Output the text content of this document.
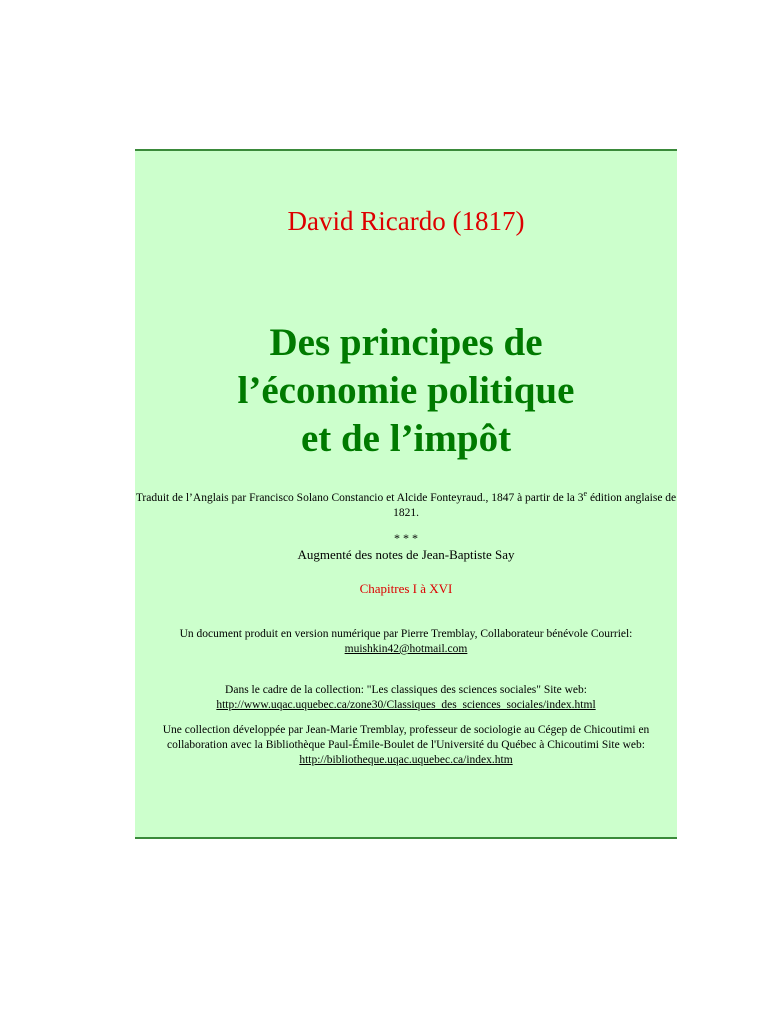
David Ricardo (1817)
Des principes de
l’économie politique
et de l’impôt
Traduit de l’Anglais par Francisco Solano Constancio et Alcide Fonteyraud., 1847 à partir de la 3e édition anglaise de 1821.
* * *
Augmenté des notes de Jean-Baptiste Say
Chapitres I à XVI
Un document produit en version numérique par Pierre Tremblay, Collaborateur bénévole Courriel: muishkin42@hotmail.com
Dans le cadre de la collection: "Les classiques des sciences sociales" Site web: http://www.uqac.uquebec.ca/zone30/Classiques_des_sciences_sociales/index.html
Une collection développée par Jean-Marie Tremblay, professeur de sociologie au Cégep de Chicoutimi en collaboration avec la Bibliothèque Paul-Émile-Boulet de l'Université du Québec à Chicoutimi Site web: http://bibliotheque.uqac.uquebec.ca/index.htm
